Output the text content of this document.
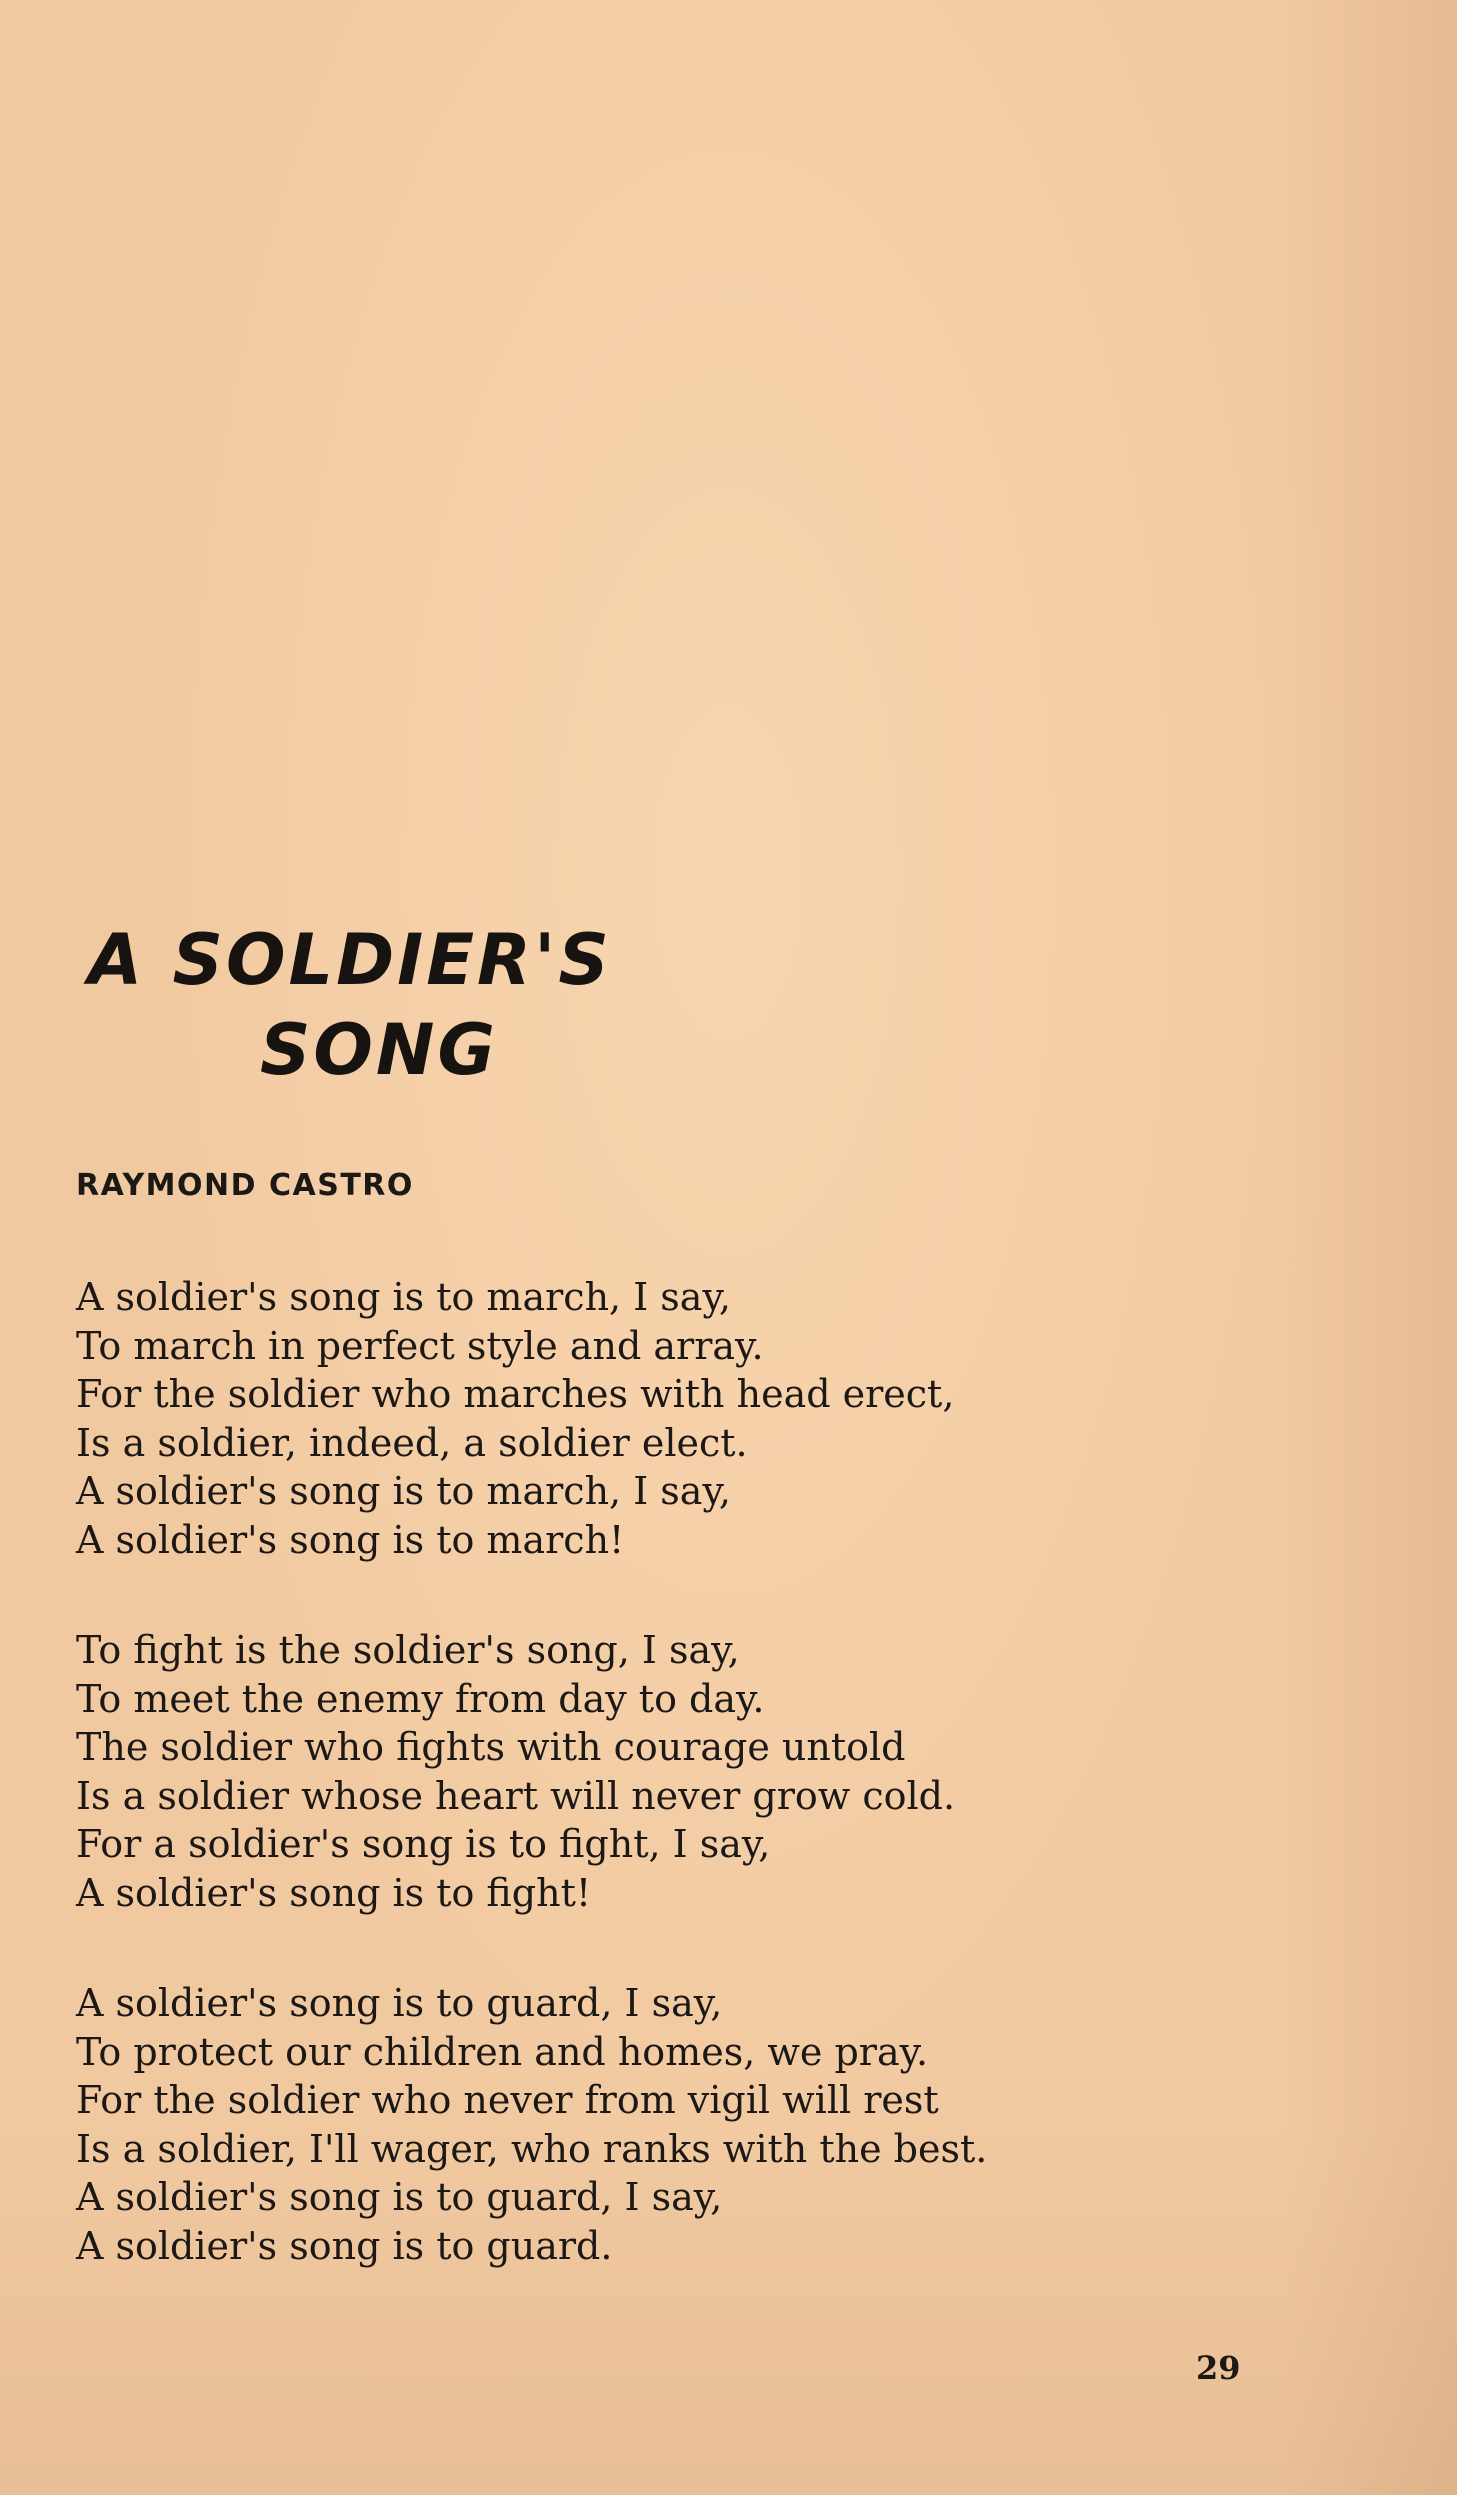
A SOLDIER'S
SONG

RAYMOND CASTRO

A soldier's song is to march, I say,
To march in perfect style and array.
For the soldier who marches with head erect,
Is a soldier, indeed, a soldier elect.
A soldier's song is to march, I say,
A soldier's song is to march!
To fight is the soldier's song, I say,
To meet the enemy from day to day.
The soldier who fights with courage untold
Is a soldier whose heart will never grow cold.
For a soldier's song is to fight, I say,
A soldier's song is to fight!
A soldier's song is to guard, I say,
To protect our children and homes, we pray.
For the soldier who never from vigil will rest
Is a soldier, I'll wager, who ranks with the best.
A soldier's song is to guard, I say,
A soldier's song is to guard.
29
